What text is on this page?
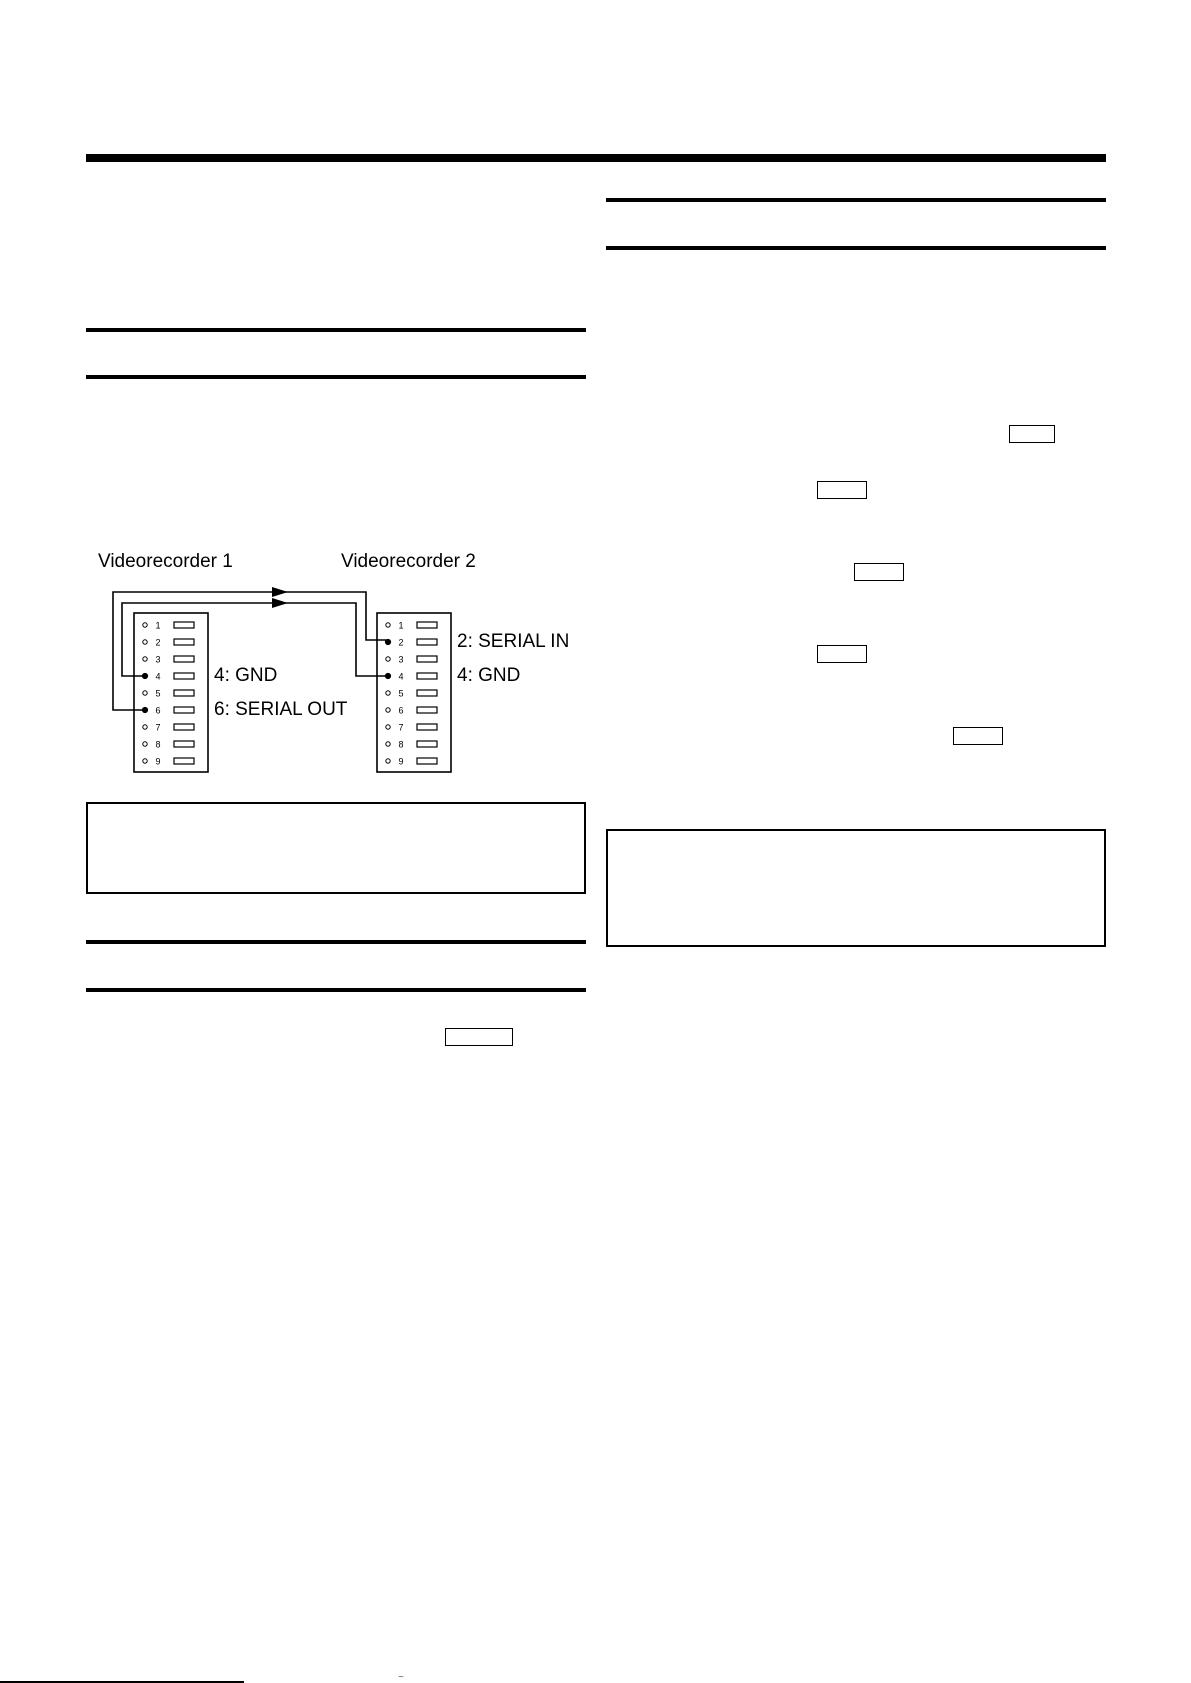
Videorecorder 1	Videorecorder 2
1
2
3
4
5
6
7
8
9
1
2
3
4
5
6
7
8
9
4: GND
6: SERIAL OUT
2: SERIAL IN
4: GND
~
